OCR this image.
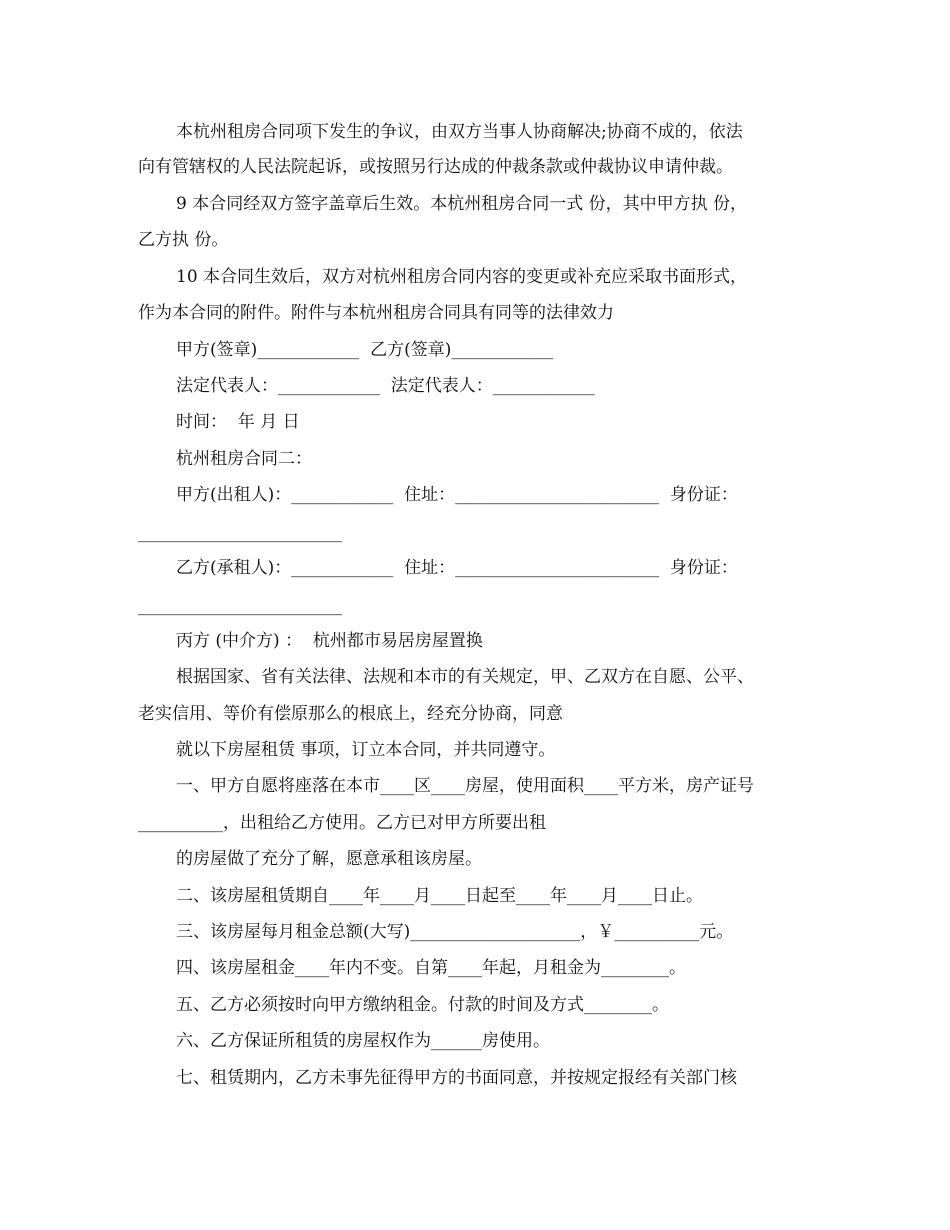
本杭州租房合同项下发生的争议，由双方当事人协商解决;协商不成的，依法
向有管辖权的人民法院起诉，或按照另行达成的仲裁条款或仲裁协议申请仲裁。
9 本合同经双方签字盖章后生效。本杭州租房合同一式 份，其中甲方执 份，
乙方执 份。
10 本合同生效后，双方对杭州租房合同内容的变更或补充应采取书面形式，
作为本合同的附件。附件与本杭州租房合同具有同等的法律效力
甲方(签章)____________  乙方(签章)____________
法定代表人：____________  法定代表人：____________
时间：  年 月 日
杭州租房合同二：
甲方(出租人)：____________  住址：________________________  身份证：
________________________
乙方(承租人)：____________  住址：________________________  身份证：
________________________
丙方 (中介方) ：  杭州都市易居房屋置换
根据国家、省有关法律、法规和本市的有关规定，甲、乙双方在自愿、公平、
老实信用、等价有偿原那么的根底上，经充分协商，同意
就以下房屋租赁 事项，订立本合同，并共同遵守。
一、甲方自愿将座落在本市____区____房屋，使用面积____平方米，房产证号
__________，出租给乙方使用。乙方已对甲方所要出租
的房屋做了充分了解，愿意承租该房屋。
二、该房屋租赁期自____年____月____日起至____年____月____日止。
三、该房屋每月租金总额(大写)____________________，￥__________元。
四、该房屋租金____年内不变。自第____年起，月租金为________。
五、乙方必须按时向甲方缴纳租金。付款的时间及方式________。
六、乙方保证所租赁的房屋权作为______房使用。
七、租赁期内，乙方未事先征得甲方的书面同意，并按规定报经有关部门核
